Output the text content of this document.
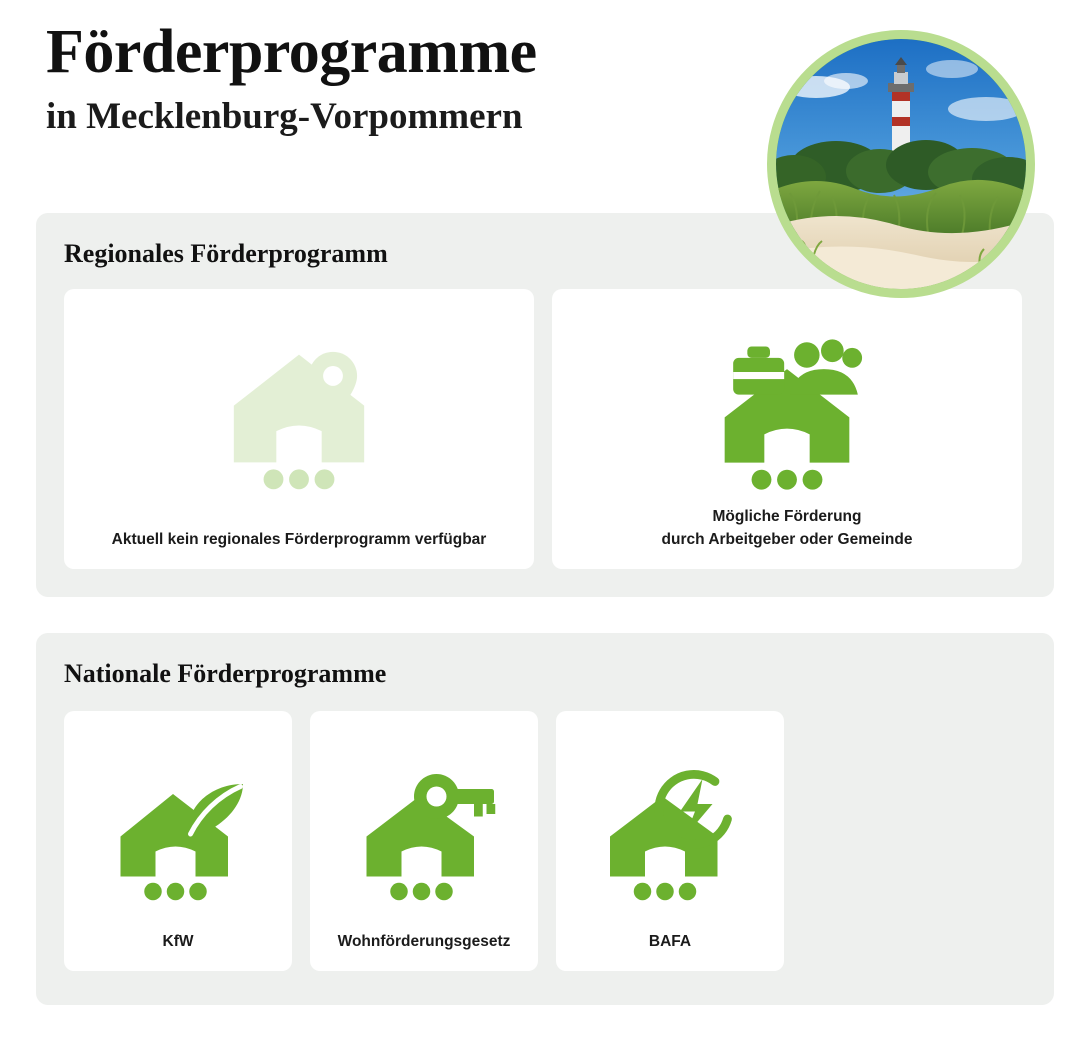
Förderprogramme
in Mecklenburg-Vorpommern
Regionales Förderprogramm
Aktuell kein regionales Förderprogramm verfügbar
Mögliche Förderung
durch Arbeitgeber oder Gemeinde
Nationale Förderprogramme
KfW	Wohnförderungsgesetz	BAFA
